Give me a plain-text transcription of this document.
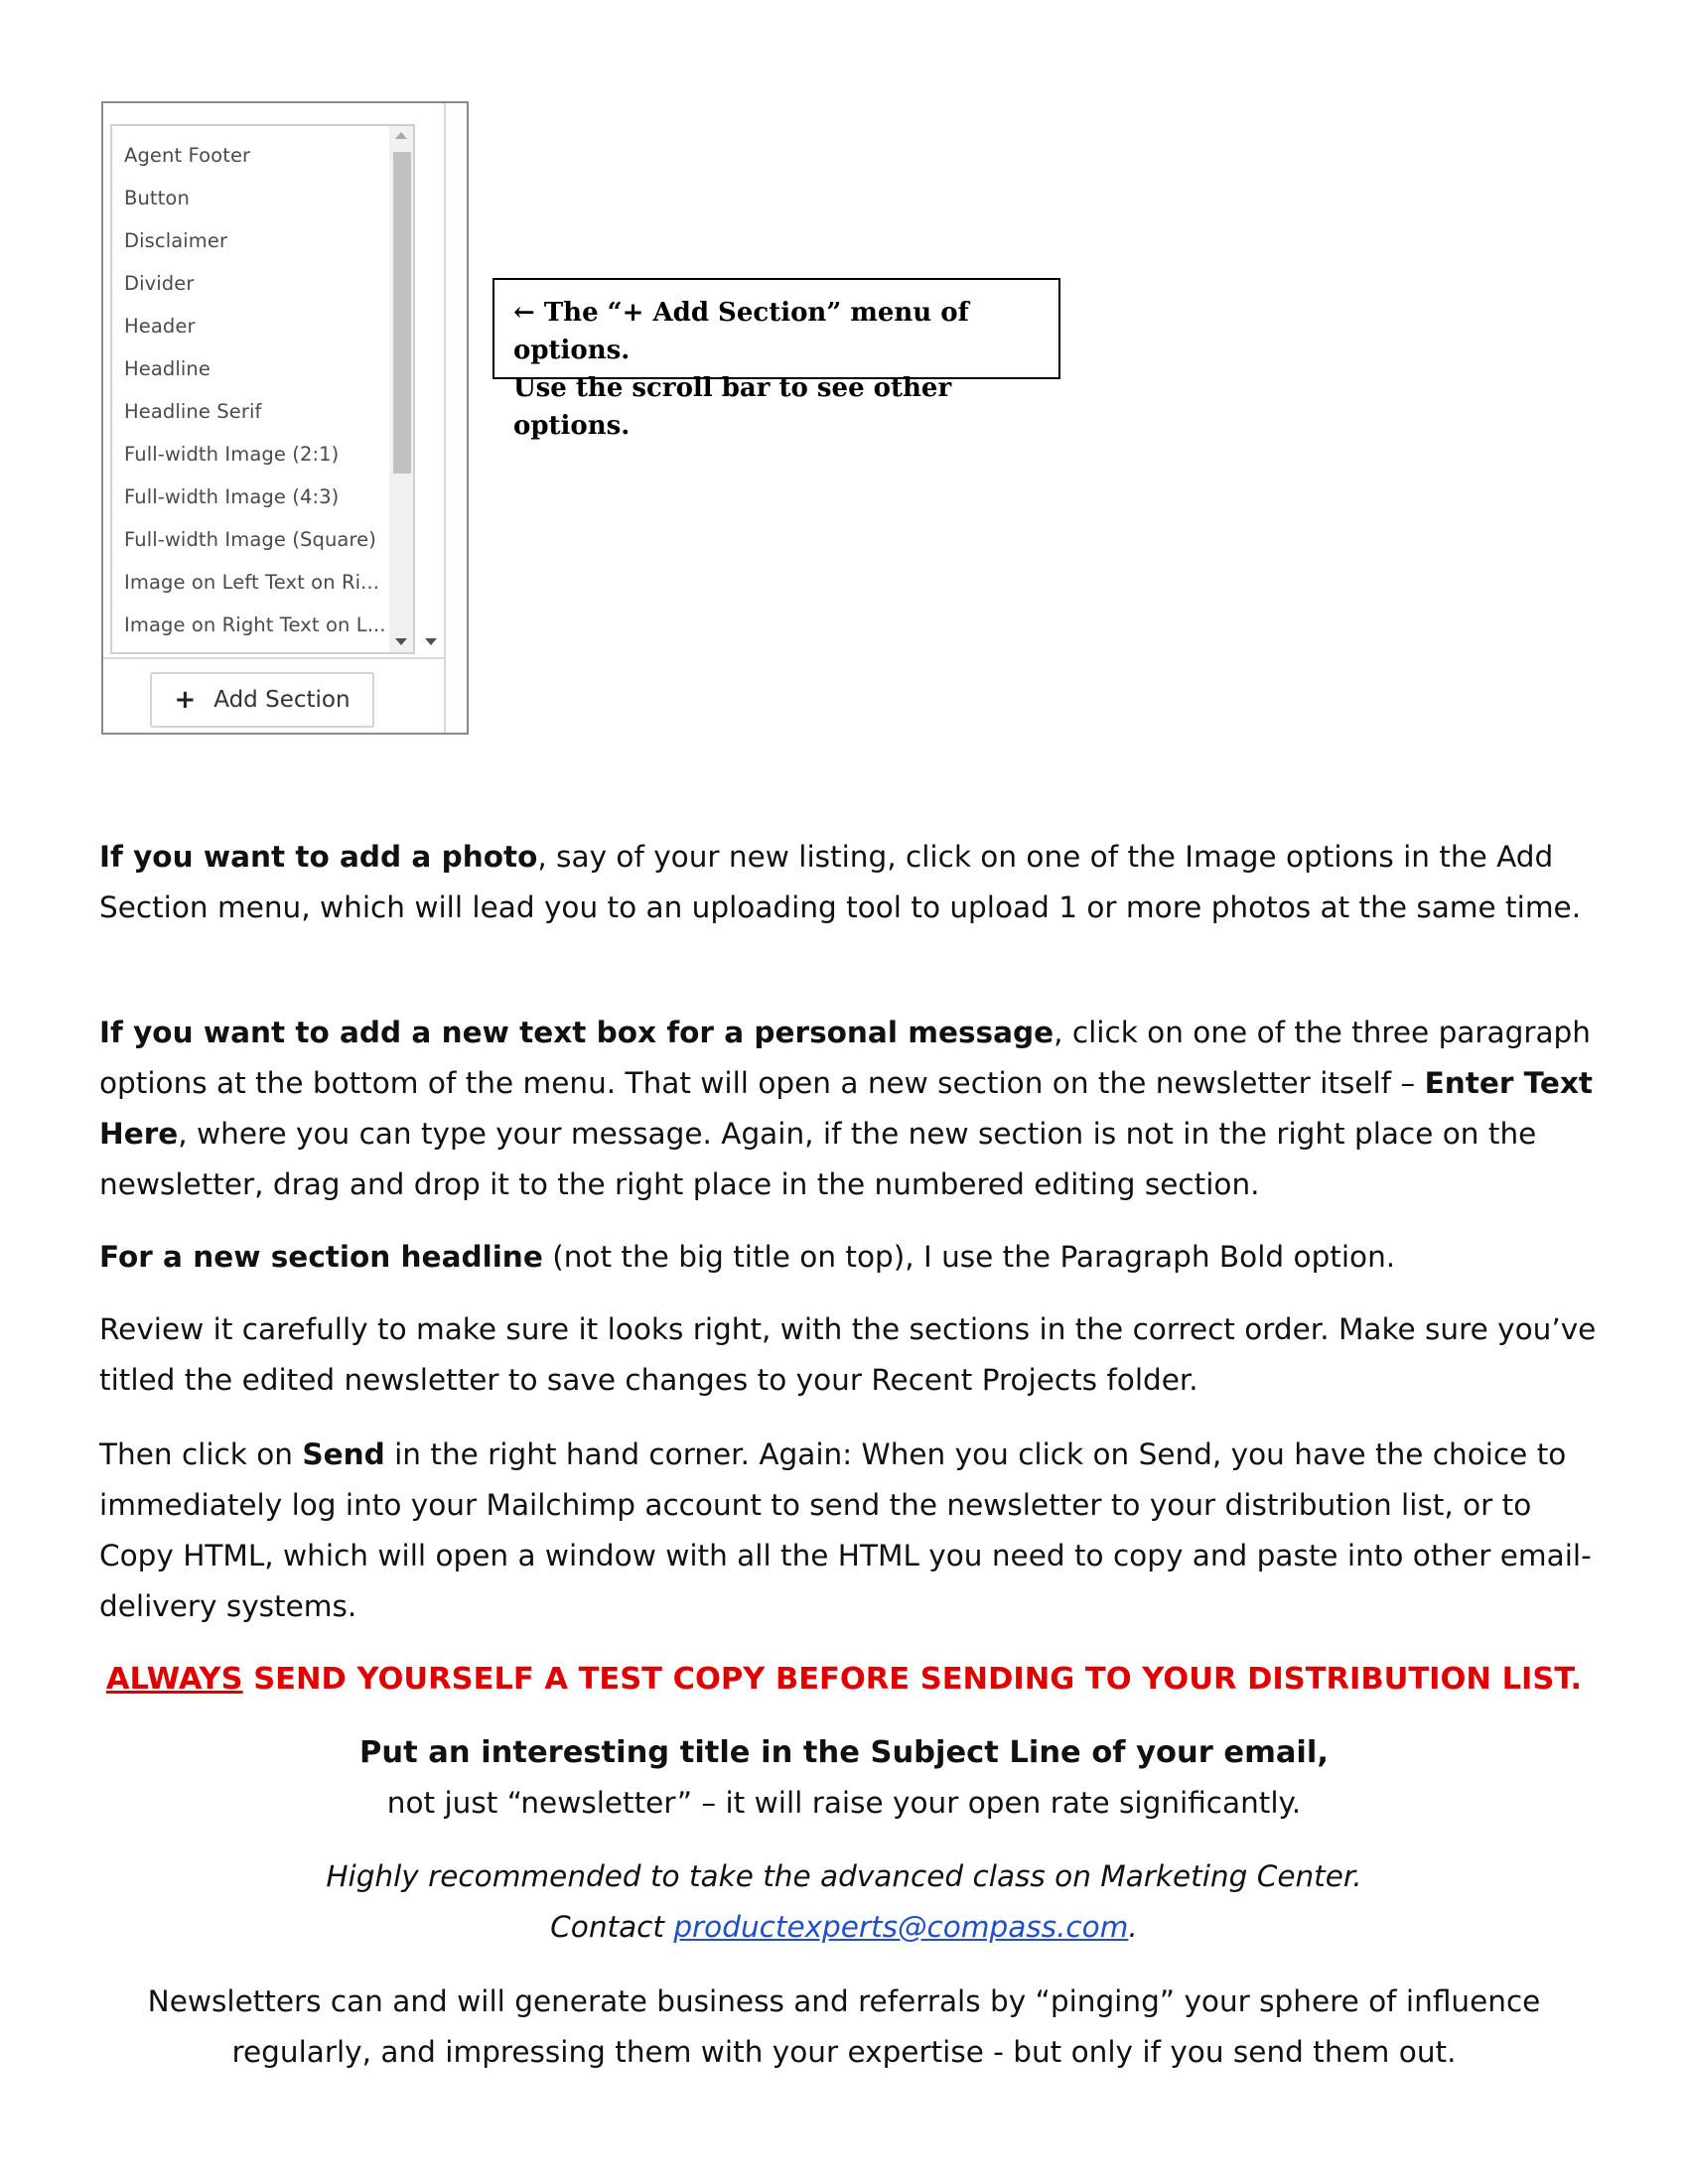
Agent Footer
Button
Disclaimer
Divider
Header
Headline
Headline Serif
Full-width Image (2:1)
Full-width Image (4:3)
Full-width Image (Square)
Image on Left Text on Ri...
Image on Right Text on L...
+ Add Section
← The “+ Add Section” menu of options.
Use the scroll bar to see other options.
If you want to add a photo, say of your new listing, click on one of the Image options in the Add Section menu, which will lead you to an uploading tool to upload 1 or more photos at the same time.
If you want to add a new text box for a personal message, click on one of the three paragraph options at the bottom of the menu. That will open a new section on the newsletter itself – Enter Text Here, where you can type your message. Again, if the new section is not in the right place on the newsletter, drag and drop it to the right place in the numbered editing section.
For a new section headline (not the big title on top), I use the Paragraph Bold option.
Review it carefully to make sure it looks right, with the sections in the correct order. Make sure you’ve titled the edited newsletter to save changes to your Recent Projects folder.
Then click on Send in the right hand corner. Again: When you click on Send, you have the choice to immediately log into your Mailchimp account to send the newsletter to your distribution list, or to Copy HTML, which will open a window with all the HTML you need to copy and paste into other email-delivery systems.
ALWAYS SEND YOURSELF A TEST COPY BEFORE SENDING TO YOUR DISTRIBUTION LIST.
Put an interesting title in the Subject Line of your email,
not just “newsletter” – it will raise your open rate significantly.
Highly recommended to take the advanced class on Marketing Center.
Contact productexperts@compass.com.
Newsletters can and will generate business and referrals by “pinging” your sphere of influence
regularly, and impressing them with your expertise - but only if you send them out.
